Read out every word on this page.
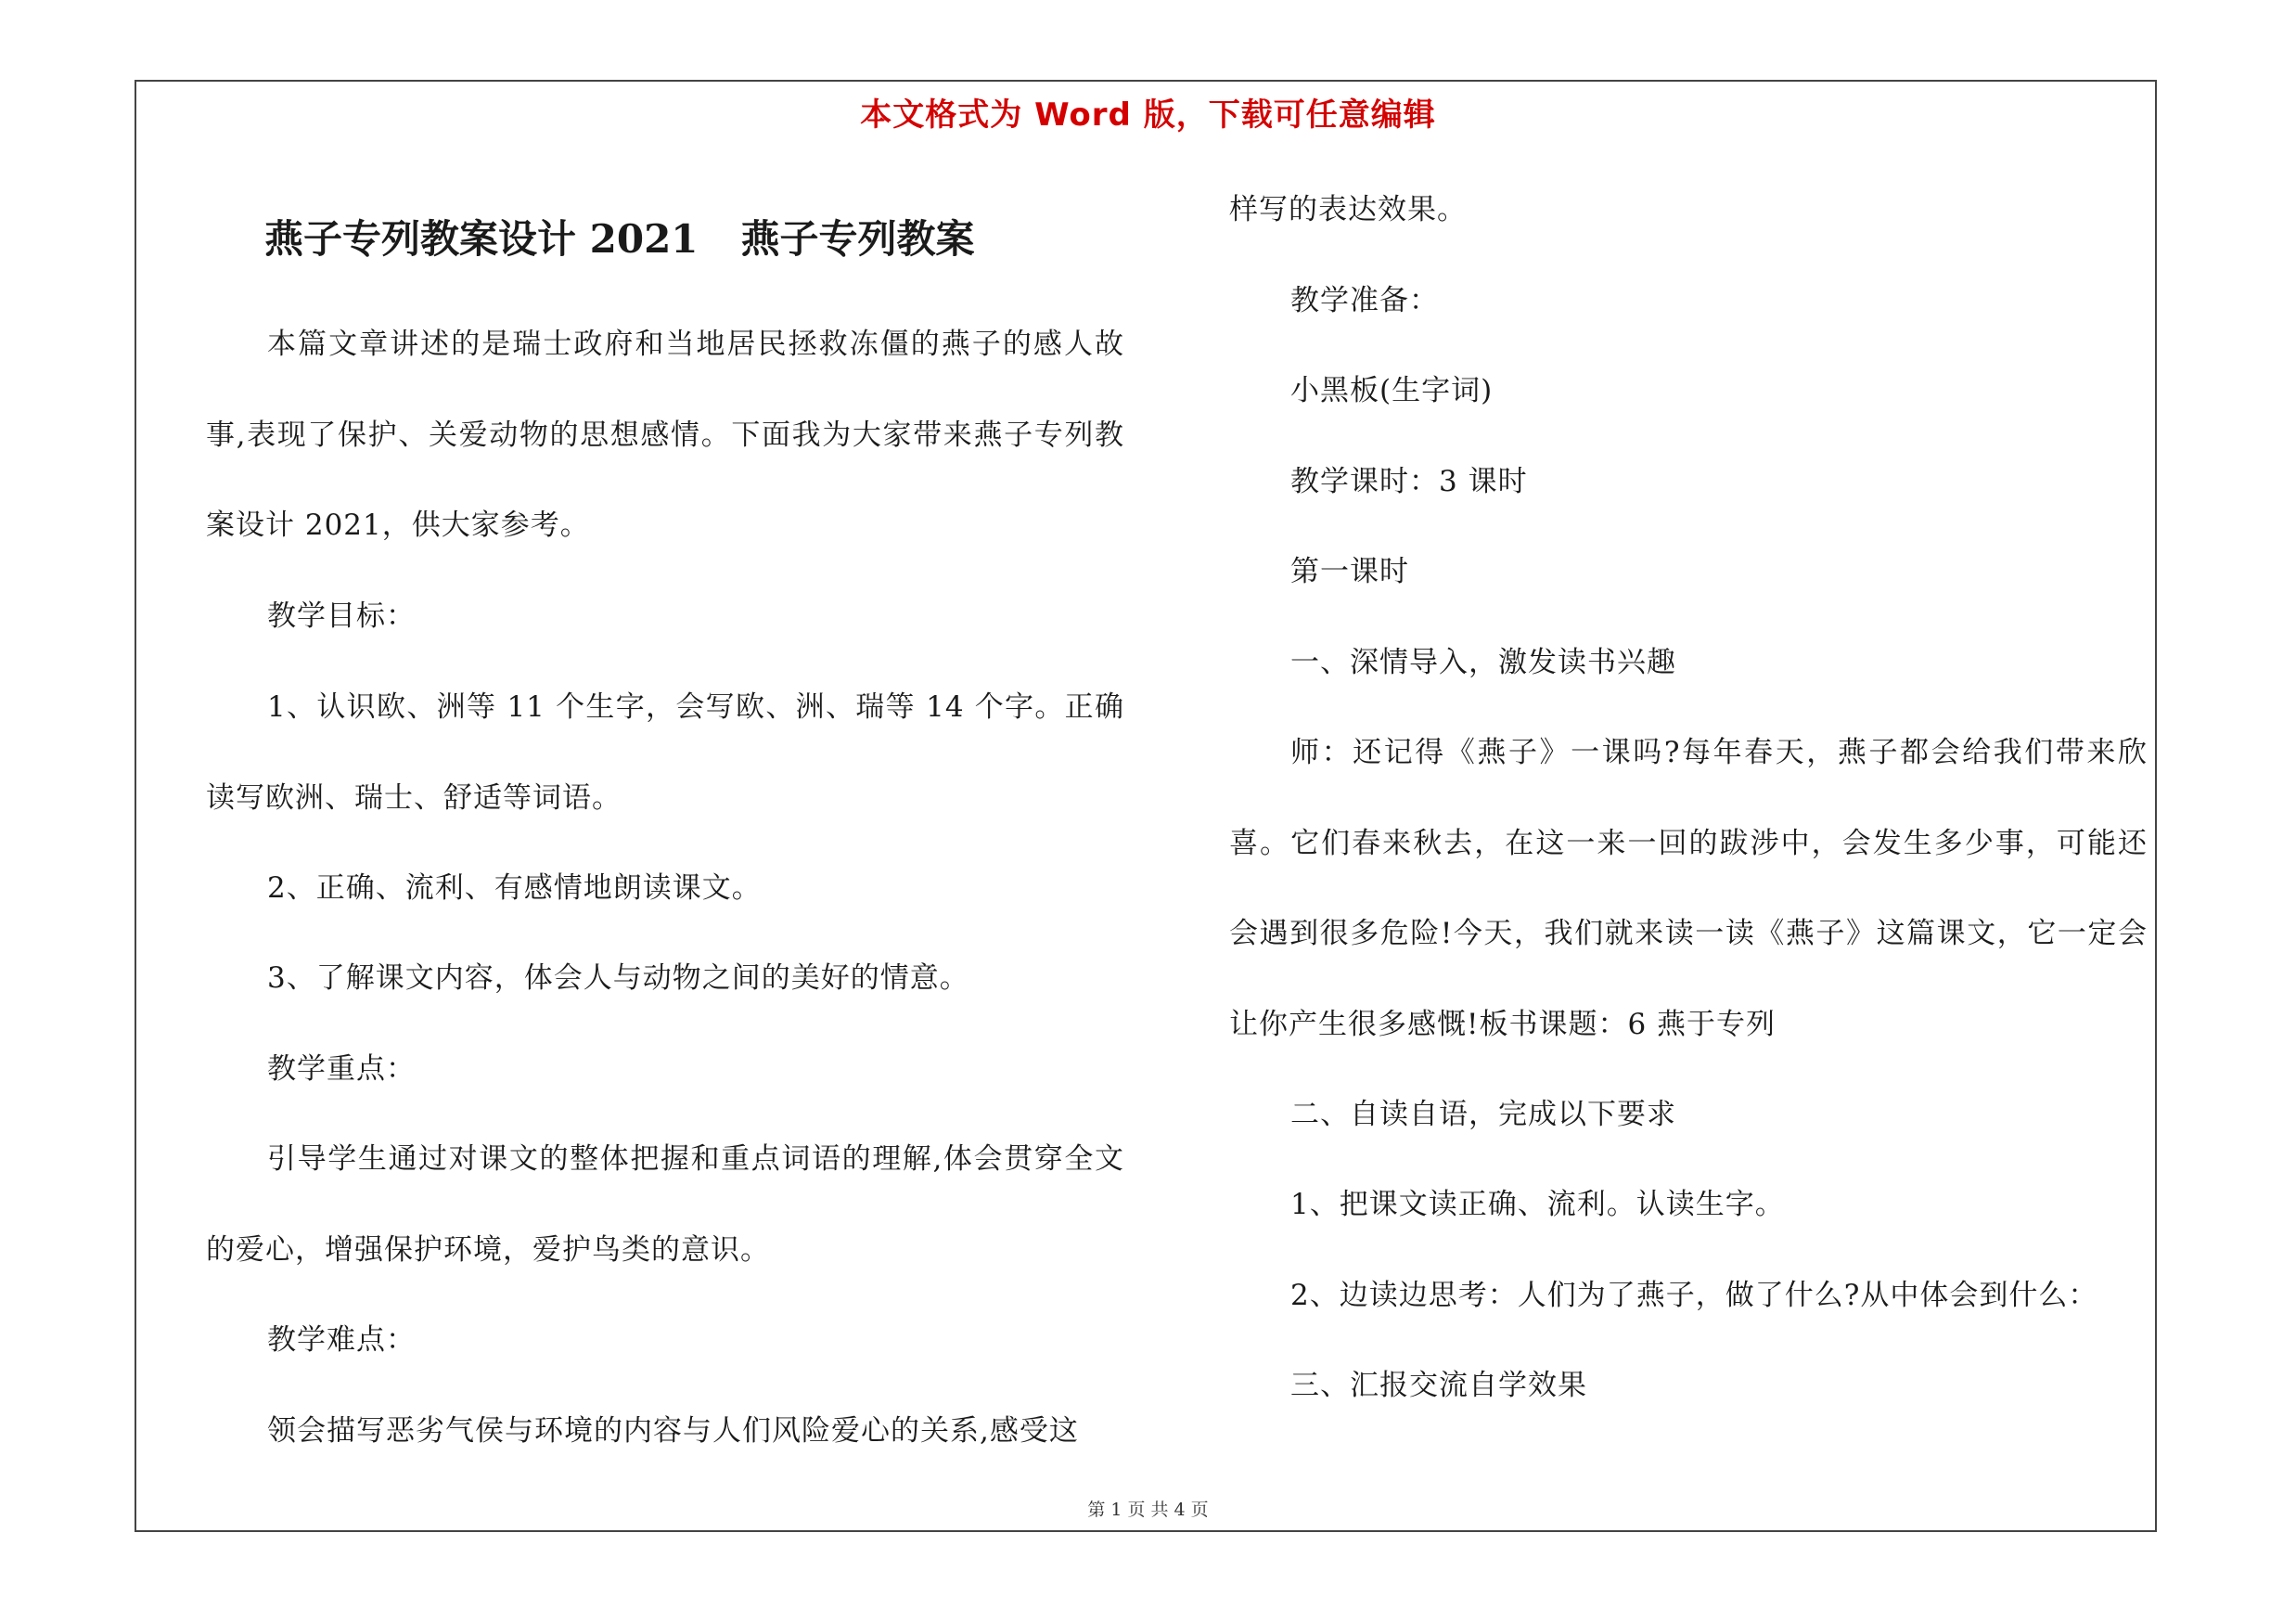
本文格式为 Word 版，下载可任意编辑
燕子专列教案设计 2021 燕子专列教案

本篇文章讲述的是瑞士政府和当地居民拯救冻僵的燕子的感人故事,表现了保护、关爱动物的思想感情。下面我为大家带来燕子专列教案设计 2021，供大家参考。

教学目标：

1、认识欧、洲等 11 个生字，会写欧、洲、瑞等 14 个字。正确读写欧洲、瑞士、舒适等词语。

2、正确、流利、有感情地朗读课文。

3、了解课文内容，体会人与动物之间的美好的情意。

教学重点：

引导学生通过对课文的整体把握和重点词语的理解,体会贯穿全文的爱心，增强保护环境，爱护鸟类的意识。

教学难点：

领会描写恶劣气侯与环境的内容与人们风险爱心的关系,感受这

样写的表达效果。

教学准备：

小黑板(生字词)

教学课时：3 课时

第一课时

一、深情导入，激发读书兴趣

师：还记得《燕子》一课吗?每年春天，燕子都会给我们带来欣喜。它们春来秋去，在这一来一回的跋涉中，会发生多少事，可能还会遇到很多危险!今天，我们就来读一读《燕子》这篇课文，它一定会让你产生很多感慨!板书课题：6 燕于专列

二、自读自语，完成以下要求

1、把课文读正确、流利。认读生字。

2、边读边思考：人们为了燕子，做了什么?从中体会到什么：

三、汇报交流自学效果

第 1 页 共 4 页
